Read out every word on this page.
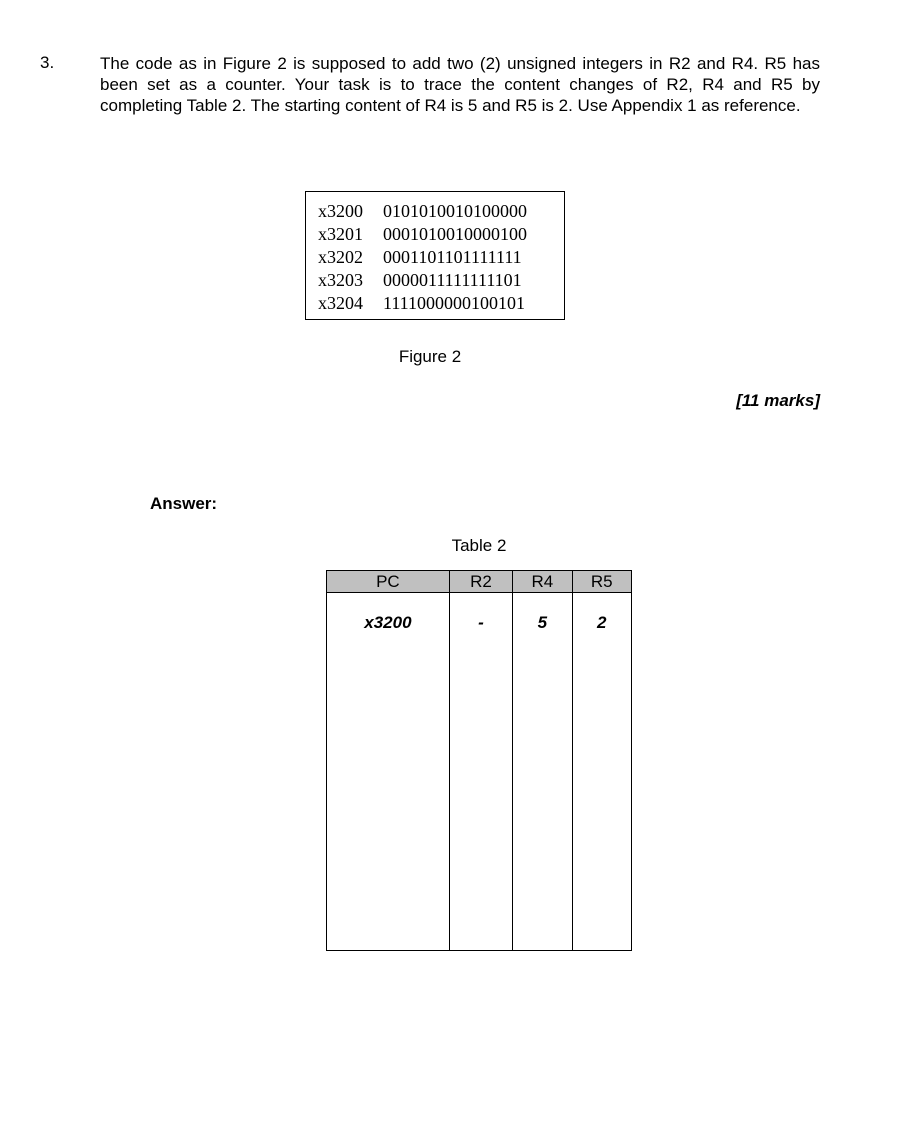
3.	The code as in Figure 2 is supposed to add two (2) unsigned integers in R2 and R4. R5 has been set as a counter. Your task is to trace the content changes of R2, R4 and R5 by completing Table 2. The starting content of R4 is 5 and R5 is 2. Use Appendix 1 as reference.
x3200 0101010010100000
x3201 0001010010000100
x3202 0001101101111111
x3203 0000011111111101
x3204 1111000000100101
Figure 2
[11 marks]
Answer:
Table 2
PC	R2	R4	R5
x3200	-	5	2
